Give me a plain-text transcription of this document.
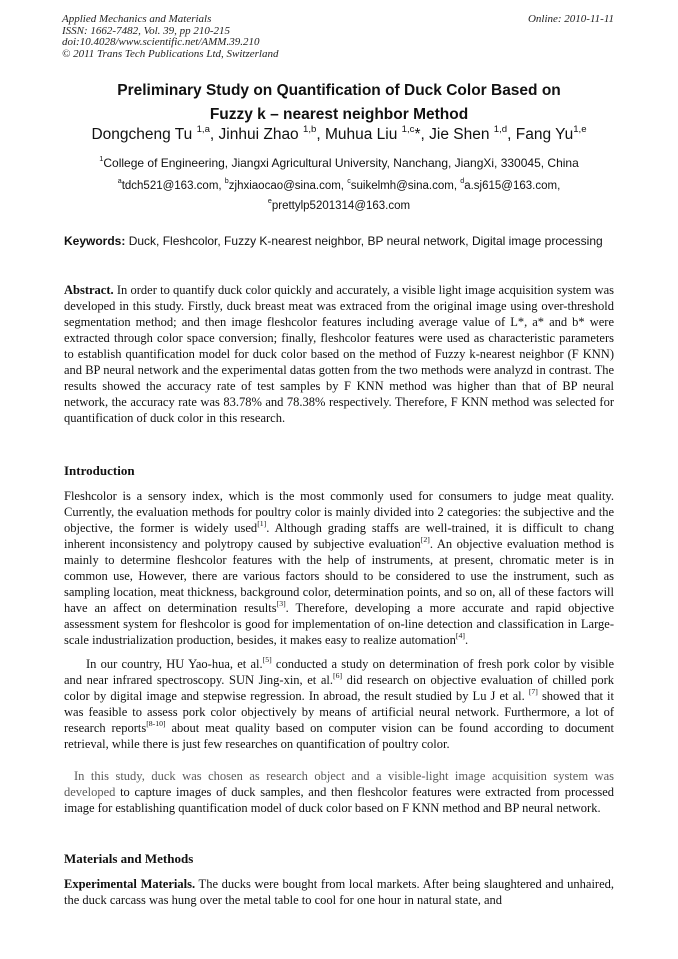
Applied Mechanics and Materials
ISSN: 1662-7482, Vol. 39, pp 210-215
doi:10.4028/www.scientific.net/AMM.39.210
© 2011 Trans Tech Publications Ltd, Switzerland
Online: 2010-11-11
Preliminary Study on Quantification of Duck Color Based on
Fuzzy k – nearest neighbor Method
Dongcheng Tu $^{1,a}$, Jinhui Zhao $^{1,b}$, Muhua Liu $^{1,c}$*, Jie Shen $^{1,d}$, Fang Yu$^{1,e}$
$^1$College of Engineering, Jiangxi Agricultural University, Nanchang, JiangXi, 330045, China
$^a$tdch521@163.com, $^b$zjhxiaocao@sina.com, $^c$suikelmh@sina.com, $^d$a.sj615@163.com,
$^e$prettylp5201314@163.com
Keywords: Duck, Fleshcolor, Fuzzy K-nearest neighbor, BP neural network, Digital image processing
Abstract. In order to quantify duck color quickly and accurately, a visible light image acquisition system was developed in this study. Firstly, duck breast meat was extraced from the original image using over-threshold segmentation method; and then image fleshcolor features including average value of L*, a* and b* were extracted through color space conversion; finally, fleshcolor features were used as characteristic parameters to establish quantification model for duck color based on the method of Fuzzy k-nearest neighbor (F KNN) and BP neural network and the experimental datas gotten from the two methods were analyzd in contrast. The results showed the accuracy rate of test samples by F KNN method was higher than that of BP neural network, the accuracy rate was 83.78% and 78.38% respectively. Therefore, F KNN method was selected for quantification of duck color in this research.
Introduction
Fleshcolor is a sensory index, which is the most commonly used for consumers to judge meat quality. Currently, the evaluation methods for poultry color is mainly divided into 2 categories: the subjective and the objective, the former is widely used[1]. Although grading staffs are well-trained, it is difficult to chang inherent inconsistency and polytropy caused by subjective evaluation[2]. An objective evaluation method is mainly to determine fleshcolor features with the help of instruments, at present, chromatic meter is in common use, However, there are various factors should to be considered to use the instrument, such as sampling location, meat thickness, background color, determination points, and so on, all of these factors will have an affect on determination results[3]. Therefore, developing a more accurate and rapid objective assessment system for fleshcolor is good for implementation of on-line detection and classification in Large-scale industrialization production, besides, it makes easy to realize automation[4].
In our country, HU Yao-hua, et al.[5] conducted a study on determination of fresh pork color by visible and near infrared spectroscopy. SUN Jing-xin, et al.[6] did research on objective evaluation of chilled pork color by digital image and stepwise regression. In abroad, the result studied by Lu J et al. [7] showed that it was feasible to assess pork color objectively by means of artificial neural network. Furthermore, a lot of research reports[8-10] about meat quality based on computer vision can be found according to document retrieval, while there is just few researches on quantification of poultry color.
In this study, duck was chosen as research object and a visible-light image acquisition system was developed to capture images of duck samples, and then fleshcolor features were extracted from processed image for establishing quantification model of duck color based on F KNN method and BP neural network.
Materials and Methods
Experimental Materials. The ducks were bought from local markets. After being slaughtered and unhaired, the duck carcass was hung over the metal table to cool for one hour in natural state, and
